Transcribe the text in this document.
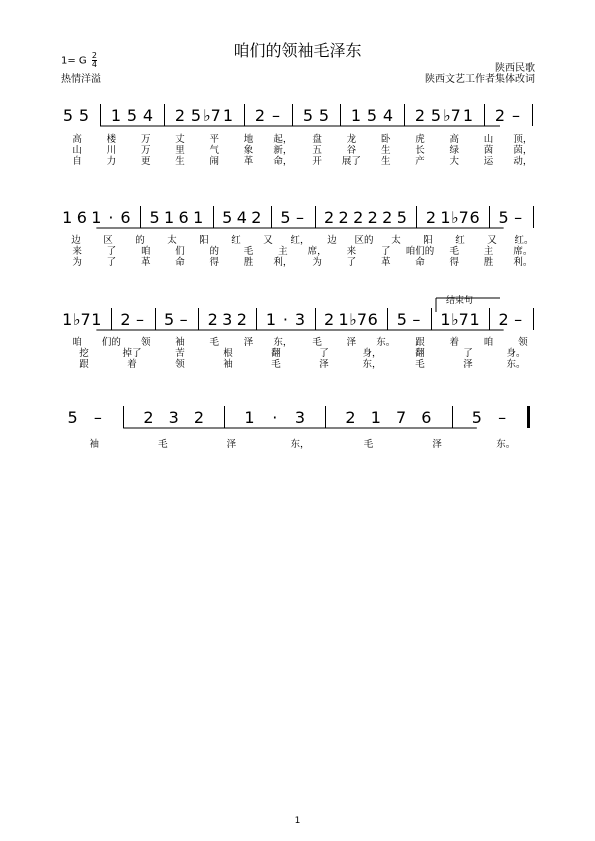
咱们的领袖毛泽东
1= G $\frac{2}{4}$
热情洋溢
陕西民歌
陕西文艺工作者集体改词
5 5 1 5 4 2 5 ♭7 1 2 – 5 5 1 5 4 2 5 ♭7 1 2 –
高	楼	万	丈	平	地 起， 盘	龙	卧	虎	高	山 顶，
山	川	万	里	气	象 新， 五	谷	生	长	绿	茵 茵，
自	力	更	生	闹	革 命， 开 展了 生	产	大	运 动，
1 6 1 · 6 5 1 6 1 5 4 2 5 – 2 2 2 2 2 5 2 1 ♭7 6 5 –
边 区 的 太 阳 红 又 红， 边 区的 太 阳 红 又 红。
来	了	咱	们	的	毛	主 席， 来	了 咱们的 毛	主 席。
为	了	革	命	得	胜 利， 为	了	革	命	得	胜 利。
1 ♭7 1 2 – 5 – 2 3 2 1 · 3 2 1 ♭7 6 5 – 1 ♭7 1 2 –
咱 们的 领	袖	毛	泽 东， 毛	泽 东。 跟	着	咱	领
挖	掉了	苦	根	翻	了	身，	翻	了	身。
跟	着	领	袖	毛	泽	东，	毛	泽	东。
5 –	2 3 2	1 · 3	2 1 7 6	5 –
袖	毛	泽	东，	毛	泽	东。
结束句
1
